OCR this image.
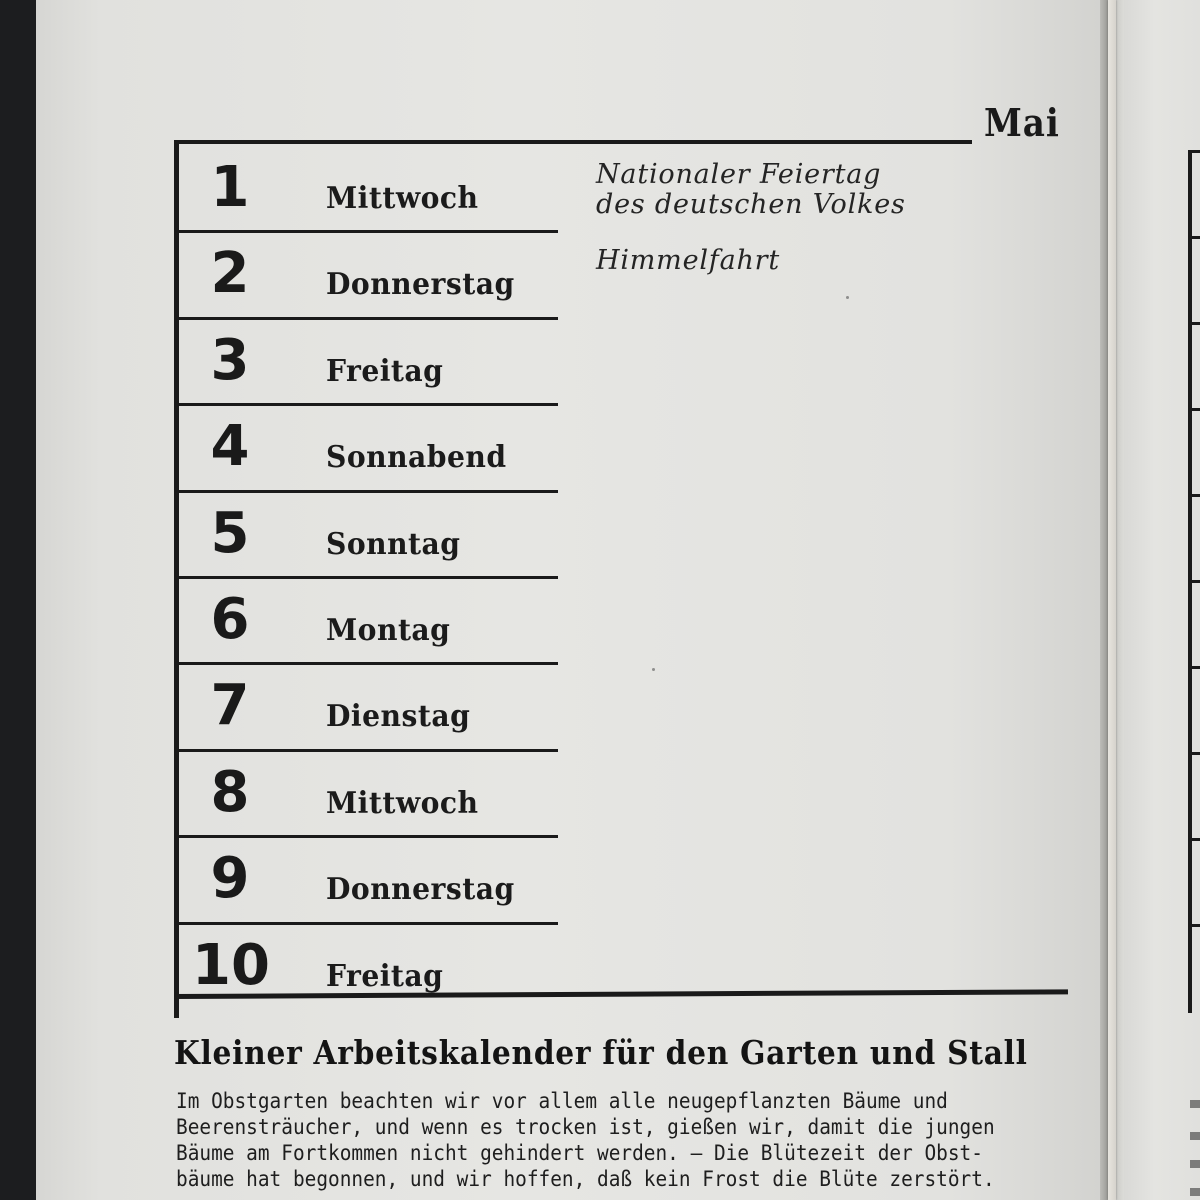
Mai
Kleiner Arbeitskalender für den Garten und Stall
Im Obstgarten beachten wir vor allem alle neugepflanzten Bäume und
Beerensträucher, und wenn es trocken ist, gießen wir, damit die jungen
Bäume am Fortkommen nicht gehindert werden. — Die Blütezeit der Obst-
bäume hat begonnen, und wir hoffen, daß kein Frost die Blüte zerstört.
1	Mittwoch
Nationaler Feiertag
des deutschen Volkes
2	Donnerstag
Himmelfahrt
3	Freitag
4	Sonnabend
5	Sonntag
6	Montag
7	Dienstag
8	Mittwoch
9	Donnerstag
10 Freitag
